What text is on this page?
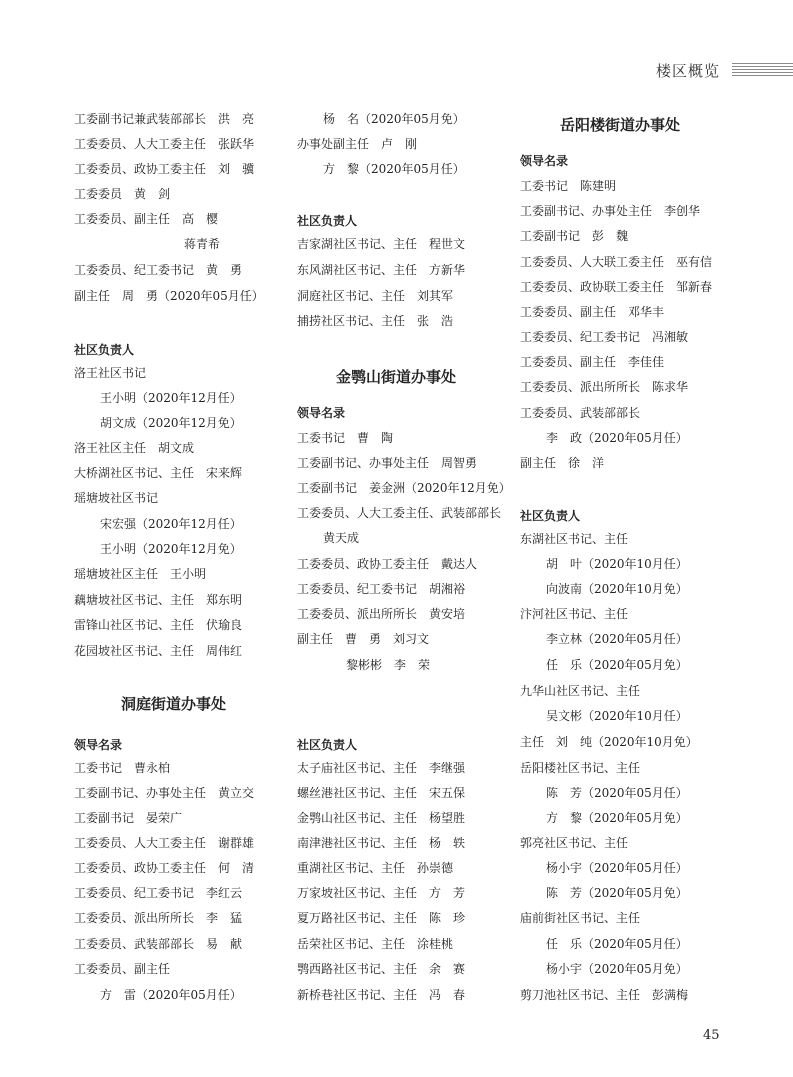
楼区概览
工委副书记兼武装部部长　洪　亮
工委委员、人大工委主任　张跃华
工委委员、政协工委主任　刘　骥
工委委员　黄　剑
工委委员、副主任　高　樱
蒋青希
工委委员、纪工委书记　黄　勇
副主任　周　勇（2020年05月任）
社区负责人
洛王社区书记
王小明（2020年12月任）
胡文成（2020年12月免）
洛王社区主任　胡文成
大桥湖社区书记、主任　宋来辉
瑶塘坡社区书记
宋宏强（2020年12月任）
王小明（2020年12月免）
瑶塘坡社区主任　王小明
藕塘坡社区书记、主任　郑东明
雷锋山社区书记、主任　伏瑜良
花园坡社区书记、主任　周伟红
洞庭街道办事处
领导名录
工委书记　曹永柏
工委副书记、办事处主任　黄立交
工委副书记　晏荣广
工委委员、人大工委主任　谢群雄
工委委员、政协工委主任　何　清
工委委员、纪工委书记　李红云
工委委员、派出所所长　李　猛
工委委员、武装部部长　易　献
工委委员、副主任
方　雷（2020年05月任）
杨　名（2020年05月免）
办事处副主任　卢　刚
方　黎（2020年05月任）
社区负责人
吉家湖社区书记、主任　程世文
东风湖社区书记、主任　方新华
洞庭社区书记、主任　刘其军
捕捞社区书记、主任　张　浩
金鹗山街道办事处
领导名录
工委书记　曹　陶
工委副书记、办事处主任　周智勇
工委副书记　姜金洲（2020年12月免）
工委委员、人大工委主任、武装部部长
黄天成
工委委员、政协工委主任　戴达人
工委委员、纪工委书记　胡湘裕
工委委员、派出所所长　黄安培
副主任　曹　勇　刘习文
黎彬彬　李　荣
社区负责人
太子庙社区书记、主任　李继强
螺丝港社区书记、主任　宋五保
金鹗山社区书记、主任　杨望胜
南津港社区书记、主任　杨　轶
重湖社区书记、主任　孙崇德
万家坡社区书记、主任　方　芳
夏万路社区书记、主任　陈　珍
岳荣社区书记、主任　涂桂桃
鹗西路社区书记、主任　余　赛
新桥巷社区书记、主任　冯　春
岳阳楼街道办事处
领导名录
工委书记　陈建明
工委副书记、办事处主任　李创华
工委副书记　彭　魏
工委委员、人大联工委主任　巫有信
工委委员、政协联工委主任　邹新春
工委委员、副主任　邓华丰
工委委员、纪工委书记　冯湘敏
工委委员、副主任　李佳佳
工委委员、派出所所长　陈求华
工委委员、武装部部长
李　政（2020年05月任）
副主任　徐　洋
社区负责人
东湖社区书记、主任
胡　叶（2020年10月任）
向波南（2020年10月免）
汴河社区书记、主任
李立林（2020年05月任）
任　乐（2020年05月免）
九华山社区书记、主任
吴文彬（2020年10月任）
主任　刘　纯（2020年10月免）
岳阳楼社区书记、主任
陈　芳（2020年05月任）
方　黎（2020年05月免）
郭亮社区书记、主任
杨小宇（2020年05月任）
陈　芳（2020年05月免）
庙前街社区书记、主任
任　乐（2020年05月任）
杨小宇（2020年05月免）
剪刀池社区书记、主任　彭满梅
45
